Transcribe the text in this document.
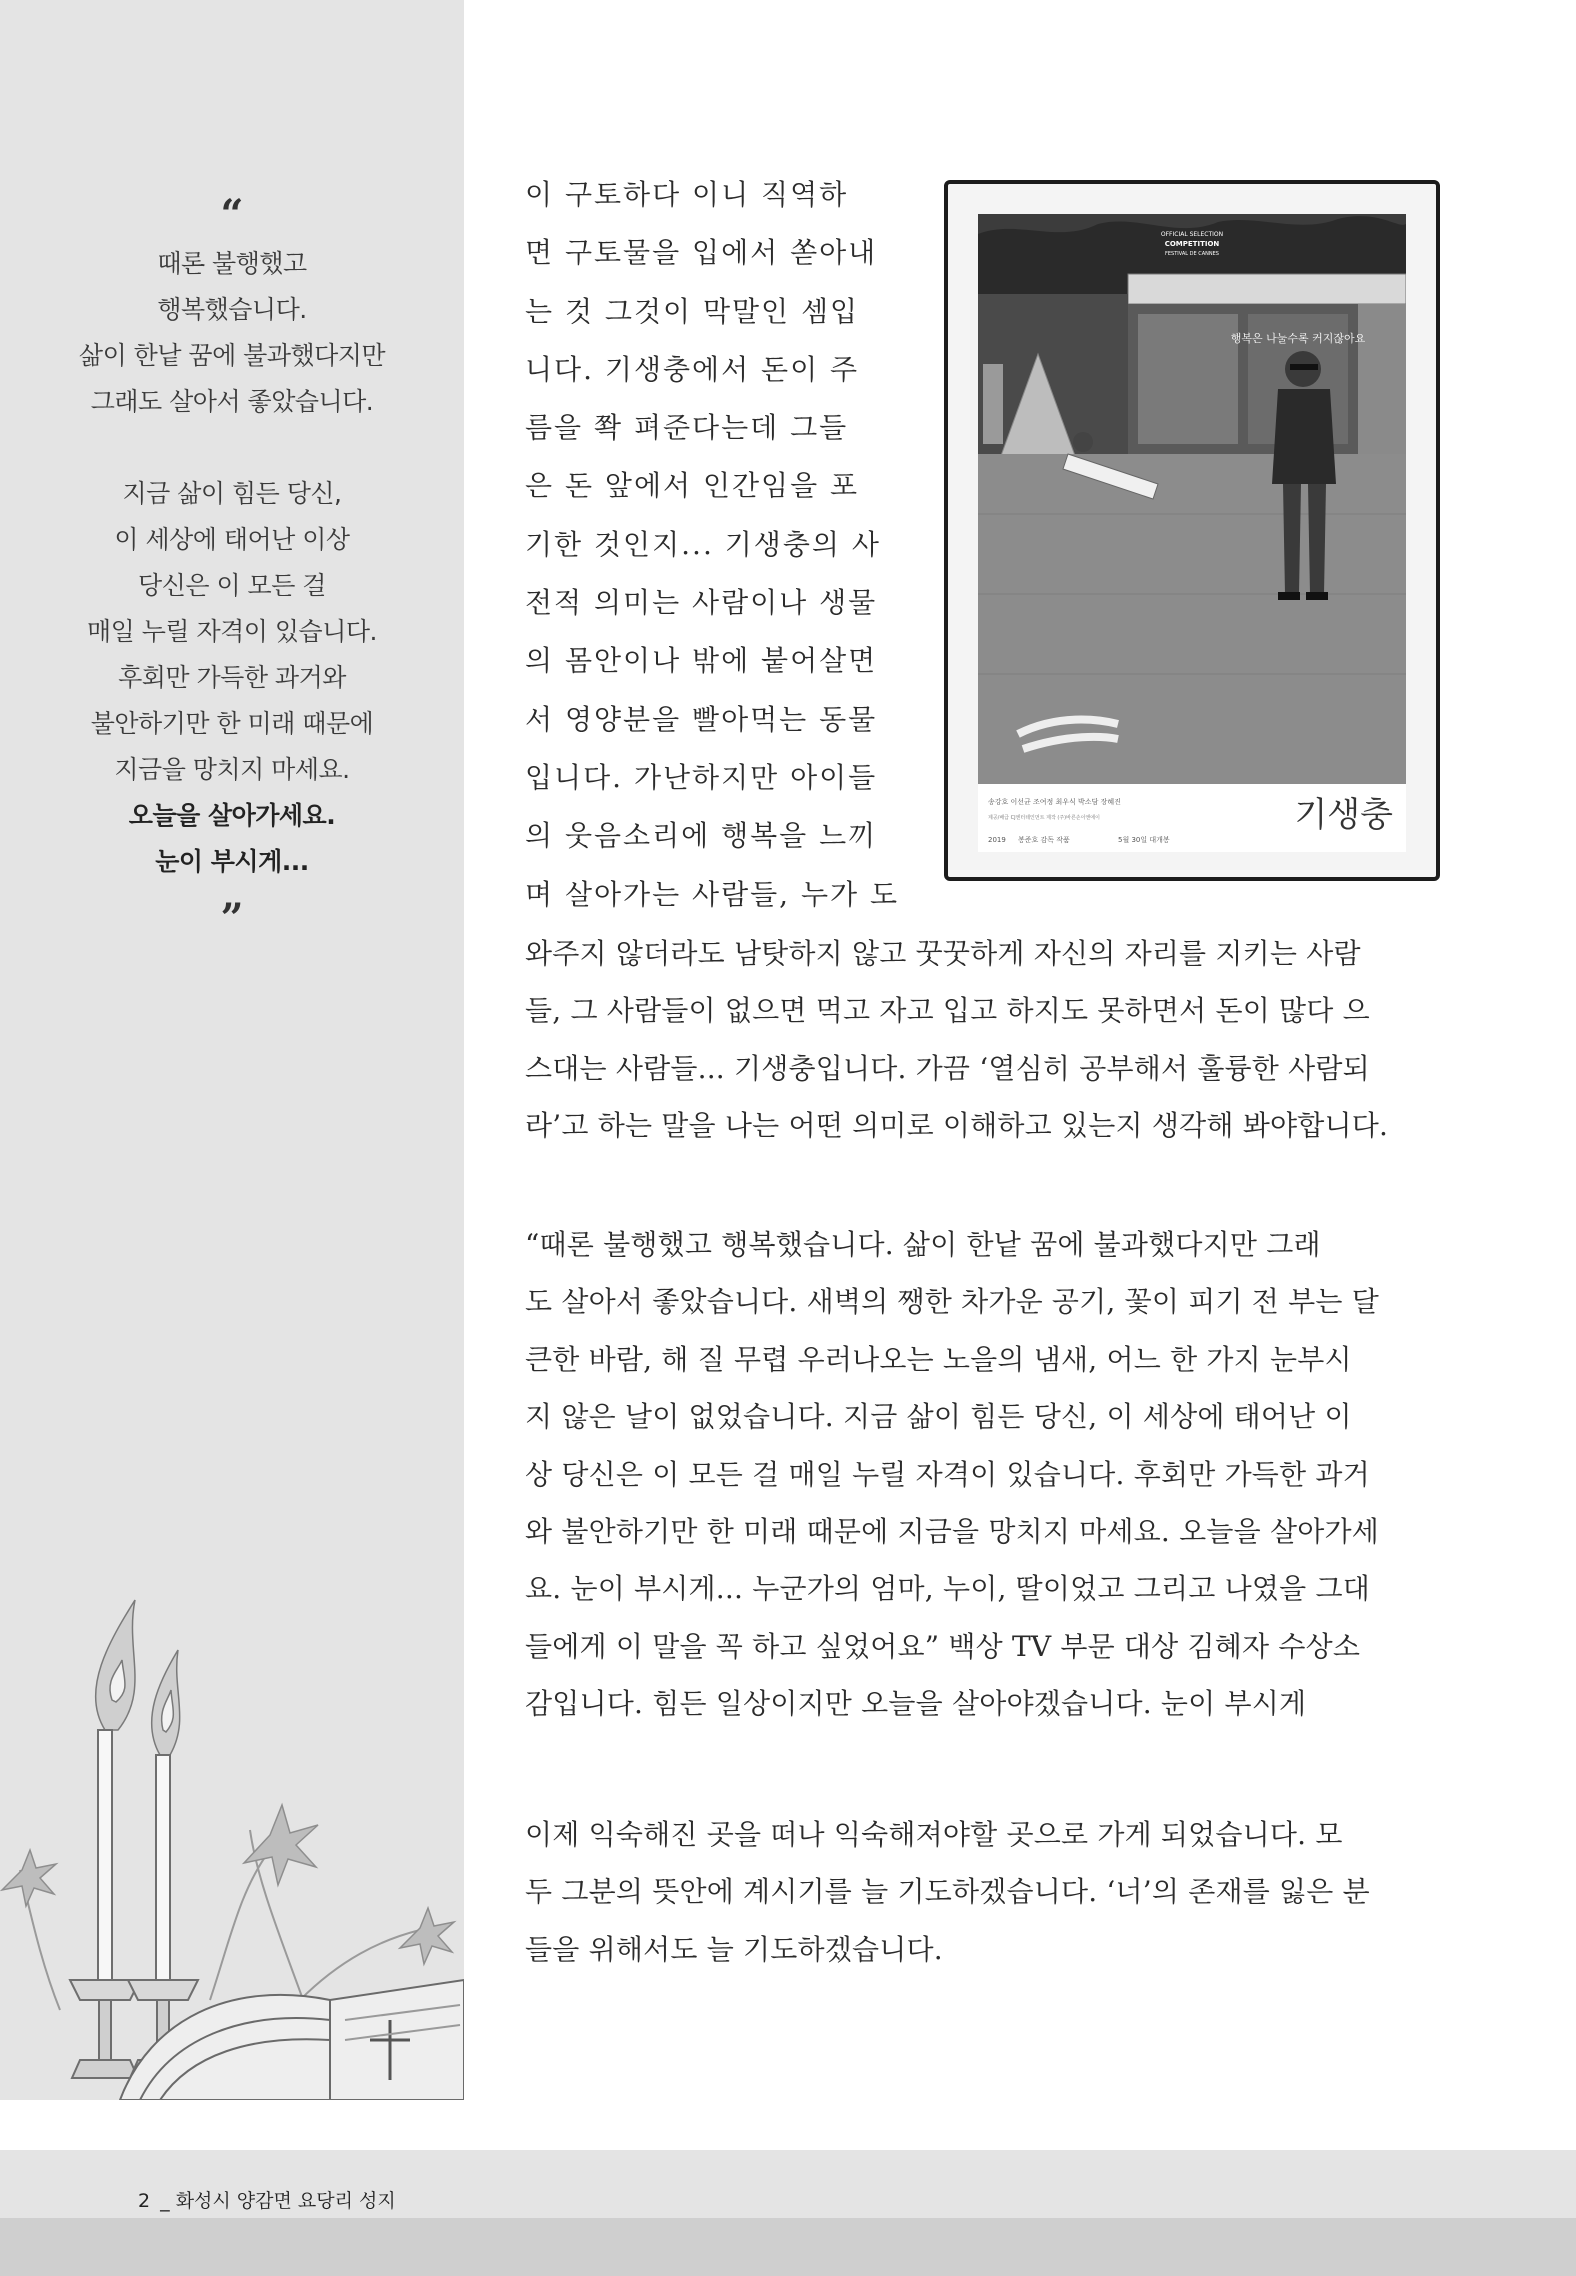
“
때론 불행했고
행복했습니다.
삶이 한낱 꿈에 불과했다지만
그래도 살아서 좋았습니다.
지금 삶이 힘든 당신,
이 세상에 태어난 이상
당신은 이 모든 걸
매일 누릴 자격이 있습니다.
후회만 가득한 과거와
불안하기만 한 미래 때문에
지금을 망치지 마세요.
오늘을 살아가세요.
눈이 부시게...
”
이 구토하다 이니 직역하
면 구토물을 입에서 쏟아내
는 것 그것이 막말인 셈입
니다. 기생충에서 돈이 주
름을 쫙 펴준다는데 그들
은 돈 앞에서 인간임을 포
기한 것인지... 기생충의 사
전적 의미는 사람이나 생물
의 몸안이나 밖에 붙어살면
서 영양분을 빨아먹는 동물
입니다. 가난하지만 아이들
의 웃음소리에 행복을 느끼
며 살아가는 사람들, 누가 도
OFFICIAL SELECTION
COMPETITION
FESTIVAL DE CANNES
행복은 나눌수록 커지잖아요
송강호 이선균 조여정 최우식 박소담 장혜진	기생충
2019 봉준호 감독 작품	5월 30일 대개봉
제공/배급 CJ엔터테인먼트 제작 (주)바른손이앤에이
와주지 않더라도 남탓하지 않고 꿋꿋하게 자신의 자리를 지키는 사람
들, 그 사람들이 없으면 먹고 자고 입고 하지도 못하면서 돈이 많다 으
스대는 사람들... 기생충입니다. 가끔 ‘열심히 공부해서 훌륭한 사람되
라’고 하는 말을 나는 어떤 의미로 이해하고 있는지 생각해 봐야합니다.
“때론 불행했고 행복했습니다. 삶이 한낱 꿈에 불과했다지만 그래
도 살아서 좋았습니다. 새벽의 쨍한 차가운 공기, 꽃이 피기 전 부는 달
큰한 바람, 해 질 무렵 우러나오는 노을의 냄새, 어느 한 가지 눈부시
지 않은 날이 없었습니다. 지금 삶이 힘든 당신, 이 세상에 태어난 이
상 당신은 이 모든 걸 매일 누릴 자격이 있습니다. 후회만 가득한 과거
와 불안하기만 한 미래 때문에 지금을 망치지 마세요. 오늘을 살아가세
요. 눈이 부시게... 누군가의 엄마, 누이, 딸이었고 그리고 나였을 그대
들에게 이 말을 꼭 하고 싶었어요” 백상 TV 부문 대상 김혜자 수상소
감입니다. 힘든 일상이지만 오늘을 살아야겠습니다. 눈이 부시게
이제 익숙해진 곳을 떠나 익숙해져야할 곳으로 가게 되었습니다. 모
두 그분의 뜻안에 계시기를 늘 기도하겠습니다. ‘너’의 존재를 잃은 분
들을 위해서도 늘 기도하겠습니다.
2 _ 화성시 양감면 요당리 성지
